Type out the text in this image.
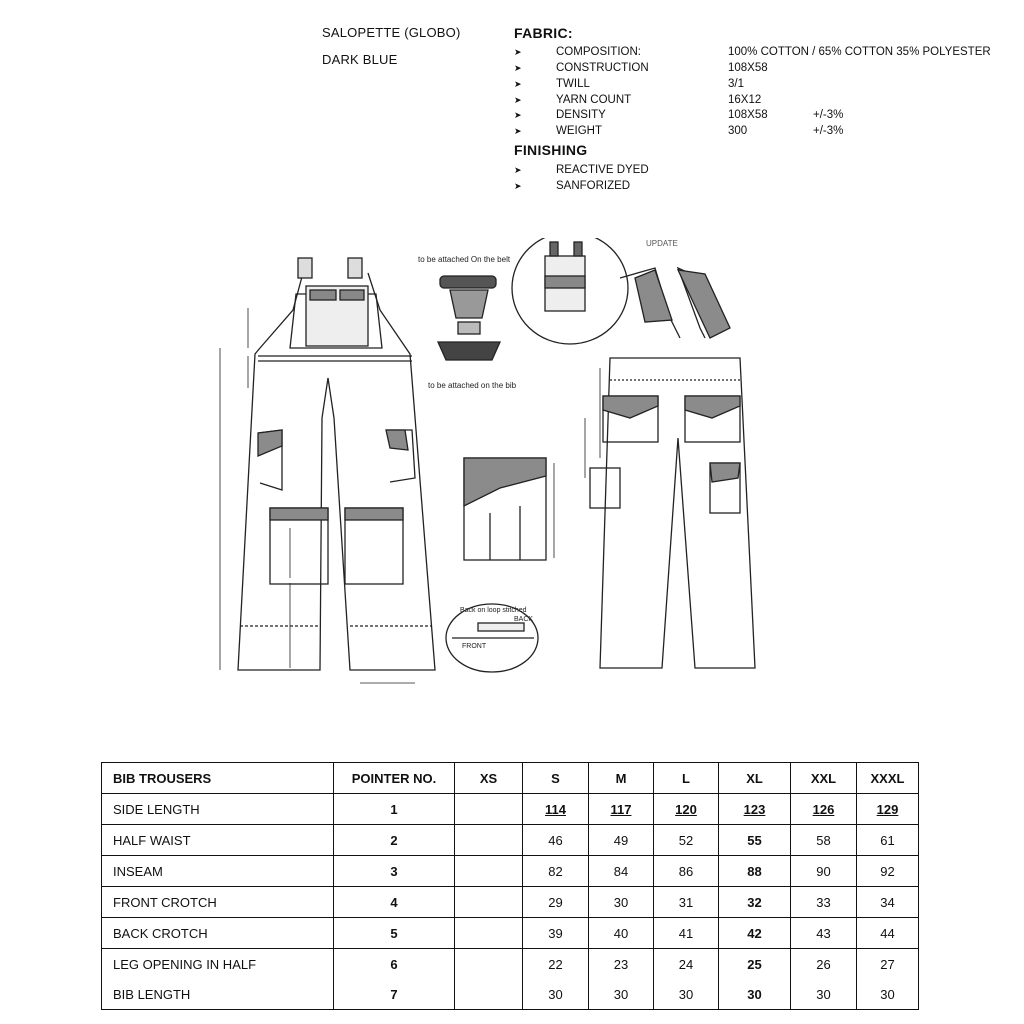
SALOPETTE (GLOBO)
DARK BLUE
FABRIC:
➤	COMPOSITION:	100% COTTON / 65% COTTON 35% POLYESTER
➤	CONSTRUCTION	108X58
➤	TWILL	3/1
➤	YARN COUNT	16X12
➤	DENSITY	108X58	+/-3%
➤	WEIGHT	300	+/-3%
FINISHING
➤	REACTIVE DYED
➤	SANFORIZED
to be attached On the belt
to be attached on the bib
Back on loop stitched
BACK
FRONT
UPDATE
BIB TROUSERS	POINTER NO.	XS	S	M	L	XL	XXL	XXXL
SIDE LENGTH	1		114	117	120	123	126	129
HALF WAIST	2		46	49	52	55	58	61
INSEAM	3		82	84	86	88	90	92
FRONT CROTCH	4		29	30	31	32	33	34
BACK CROTCH	5		39	40	41	42	43	44
LEG OPENING IN HALF	6		22	23	24	25	26	27
BIB LENGTH	7		30	30	30	30	30	30
